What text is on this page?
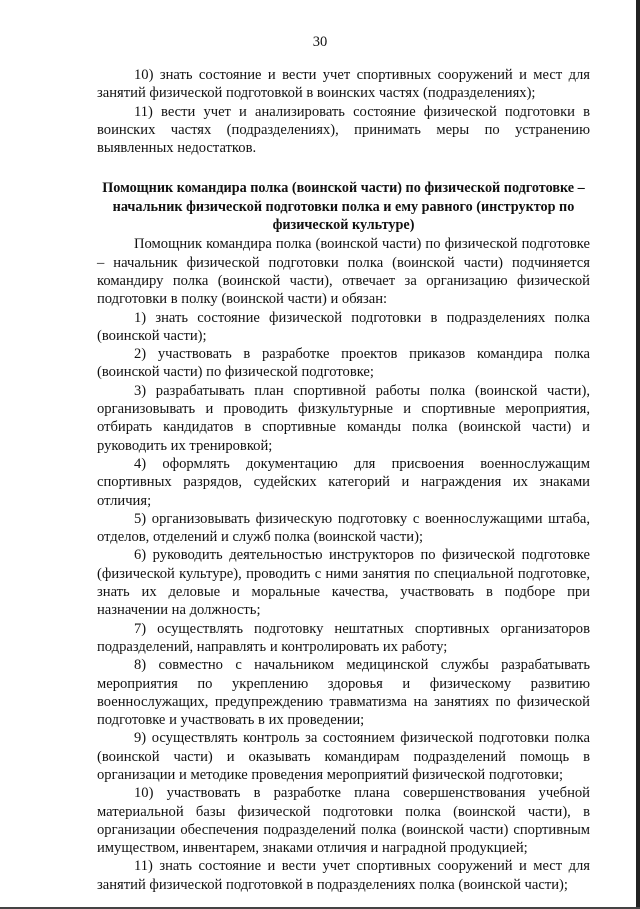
30

10) знать состояние и вести учет спортивных сооружений и мест для занятий физической подготовкой в воинских частях (подразделениях);

11) вести учет и анализировать состояние физической подготовки в воинских частях (подразделениях), принимать меры по устранению выявленных недостатков.

Помощник командира полка (воинской части) по физической подготовке – начальник физической подготовки полка и ему равного (инструктор по физической культуре)

Помощник командира полка (воинской части) по физической подготовке – начальник физической подготовки полка (воинской части) подчиняется командиру полка (воинской части), отвечает за организацию физической подготовки в полку (воинской части) и обязан:

1) знать состояние физической подготовки в подразделениях полка (воинской части);

2) участвовать в разработке проектов приказов командира полка (воинской части) по физической подготовке;

3) разрабатывать план спортивной работы полка (воинской части), организовывать и проводить физкультурные и спортивные мероприятия, отбирать кандидатов в спортивные команды полка (воинской части) и руководить их тренировкой;

4) оформлять документацию для присвоения военнослужащим спортивных разрядов, судейских категорий и награждения их знаками отличия;

5) организовывать физическую подготовку с военнослужащими штаба, отделов, отделений и служб полка (воинской части);

6) руководить деятельностью инструкторов по физической подготовке (физической культуре), проводить с ними занятия по специальной подготовке, знать их деловые и моральные качества, участвовать в подборе при назначении на должность;

7) осуществлять подготовку нештатных спортивных организаторов подразделений, направлять и контролировать их работу;

8) совместно с начальником медицинской службы разрабатывать мероприятия по укреплению здоровья и физическому развитию военнослужащих, предупреждению травматизма на занятиях по физической подготовке и участвовать в их проведении;

9) осуществлять контроль за состоянием физической подготовки полка (воинской части) и оказывать командирам подразделений помощь в организации и методике проведения мероприятий физической подготовки;

10) участвовать в разработке плана совершенствования учебной материальной базы физической подготовки полка (воинской части), в организации обеспечения подразделений полка (воинской части) спортивным имуществом, инвентарем, знаками отличия и наградной продукцией;

11) знать состояние и вести учет спортивных сооружений и мест для занятий физической подготовкой в подразделениях полка (воинской части);
